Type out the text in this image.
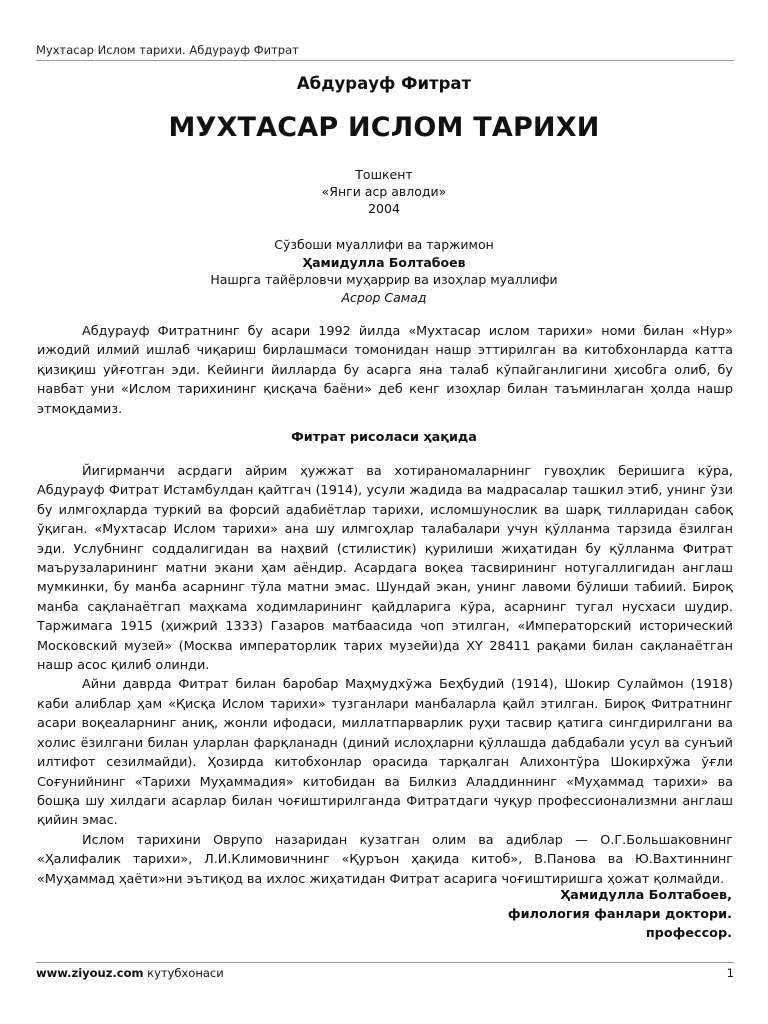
Мухтасар Ислом тарихи. Абдурауф Фитрат
Абдурауф Фитрат
МУХТАСАР ИСЛОМ ТАРИХИ
Тошкент
«Янги аср авлоди»
2004
Сўзбоши муаллифи ва таржимон
Ҳамидулла Болтабоев
Нашрга тайёрловчи муҳаррир ва изоҳлар муаллифи
Асрор Самад

Абдурауф Фитратнинг бу асари 1992 йилда «Мухтасар ислом тарихи» номи билан «Нур» ижодий илмий ишлаб чиқариш бирлашмаси томонидан нашр эттирилган ва китобхонларда катта қизиқиш уйғотган эди. Кейинги йилларда бу асарга яна талаб кўпайганлигини ҳисобга олиб, бу навбат уни «Ислом тарихининг қисқача баёни» деб кенг изоҳлар билан таъминлаган ҳолда нашр этмоқдамиз.

Фитрат рисоласи ҳақида

Йигирманчи асрдаги айрим ҳужжат ва хотираномаларнинг гувоҳлик беришига кўра, Абдурауф Фитрат Истамбулдан қайтгач (1914), усули жадида ва мадрасалар ташкил этиб, унинг ўзи бу илмгоҳларда туркий ва форсий адабиётлар тарихи, исломшунослик ва шарқ тилларидан сабоқ ўқиган. «Мухтасар Ислом тарихи» ана шу илмгоҳлар талабалари учун қўлланма тарзида ёзилган эди. Услубнинг соддалигидан ва наҳвий (стилистик) қурилиши жиҳатидан бу қўлланма Фитрат маърузаларининг матни экани ҳам аёндир. Асардага воқеа тасвирининг нотугаллигидан англаш мумкинки, бу манба асарнинг тўла матни эмас. Шундай экан, унинг лавоми бўлиши табиий. Бироқ манба сақланаётгап маҳкама ходимларининг қайдларига кўра, асарнинг тугал нусхаси шудир. Таржимага 1915 (ҳижрий 1333) Газаров матбаасида чоп этилган, «Императорский исторический Московский музей» (Москва императорлик тарих музейи)да ХҮ 28411 рақами билан сақланаётган нашр асос қилиб олинди.

Айни даврда Фитрат билан баробар Маҳмудхўжа Беҳбудий (1914), Шокир Сулаймон (1918) каби алиблар ҳам «Қисқа Ислом тарихи» тузганлари манбаларла қайл этилган. Бироқ Фитратнинг асари воқеаларнинг аниқ, жонли ифодаси, миллатпарварлик руҳи тасвир қатига сингдирилгани ва холис ёзилгани билан уларлан фарқланадн (диний ислоҳларни қўллашда дабдабали усул ва сунъий илтифот сезилмайди). Ҳозирда китобхонлар орасида тарқалган Алихонтўра Шокирхўжа ўғли Соғунийнинг «Тарихи Муҳаммадия» китобидан ва Билкиз Аладдиннинг «Муҳаммад тарихи» ва бошқа шу хилдаги асарлар билан чоғиштирилганда Фитратдаги чуқур профессионализмни англаш қийин эмас.

Ислом тарихини Оврупо назаридан кузатган олим ва адиблар — О.Г.Большаковнинг «Ҳалифалик тарихи», Л.И.Климовичнинг «Қуръон ҳақида китоб», В.Панова ва Ю.Вахтиннинг «Муҳаммад ҳаёти»ни эътиқод ва ихлос жиҳатидан Фитрат асарига чоғиштиришга ҳожат қолмайди.

Ҳамидулла Болтабоев,
филология фанлари доктори.
профессор.
www.ziyouz.com кутубхонаси	1
